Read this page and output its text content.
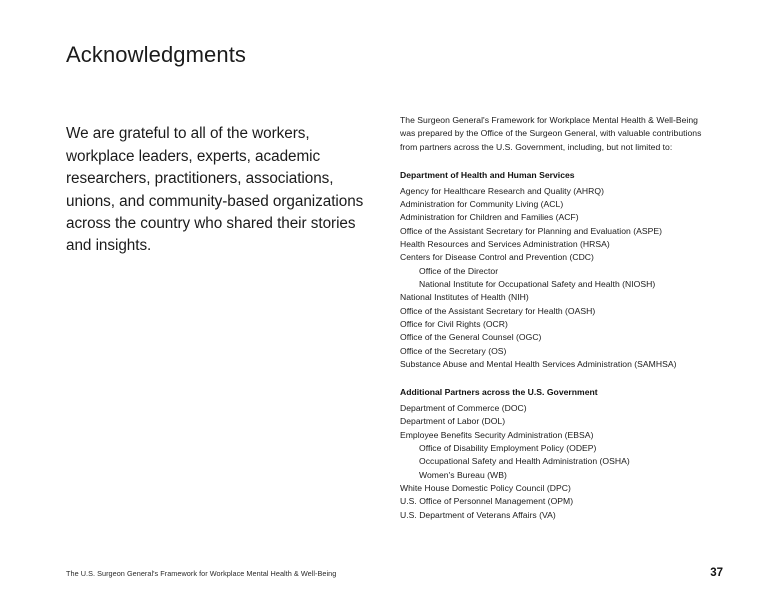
Acknowledgments

We are grateful to all of the workers, workplace leaders, experts, academic researchers, practitioners, associations, unions, and community-based organizations across the country who shared their stories and insights.

The Surgeon General's Framework for Workplace Mental Health & Well-Being was prepared by the Office of the Surgeon General, with valuable contributions from partners across the U.S. Government, including, but not limited to:

Department of Health and Human Services
Agency for Healthcare Research and Quality (AHRQ)
Administration for Community Living (ACL)
Administration for Children and Families (ACF)
Office of the Assistant Secretary for Planning and Evaluation (ASPE)
Health Resources and Services Administration (HRSA)
Centers for Disease Control and Prevention (CDC)
Office of the Director
National Institute for Occupational Safety and Health (NIOSH)
National Institutes of Health (NIH)
Office of the Assistant Secretary for Health (OASH)
Office for Civil Rights (OCR)
Office of the General Counsel (OGC)
Office of the Secretary (OS)
Substance Abuse and Mental Health Services Administration (SAMHSA)
Additional Partners across the U.S. Government
Department of Commerce (DOC)
Department of Labor (DOL)
Employee Benefits Security Administration (EBSA)
Office of Disability Employment Policy (ODEP)
Occupational Safety and Health Administration (OSHA)
Women's Bureau (WB)
White House Domestic Policy Council (DPC)
U.S. Office of Personnel Management (OPM)
U.S. Department of Veterans Affairs (VA)
The U.S. Surgeon General's Framework for Workplace Mental Health & Well-Being	37
